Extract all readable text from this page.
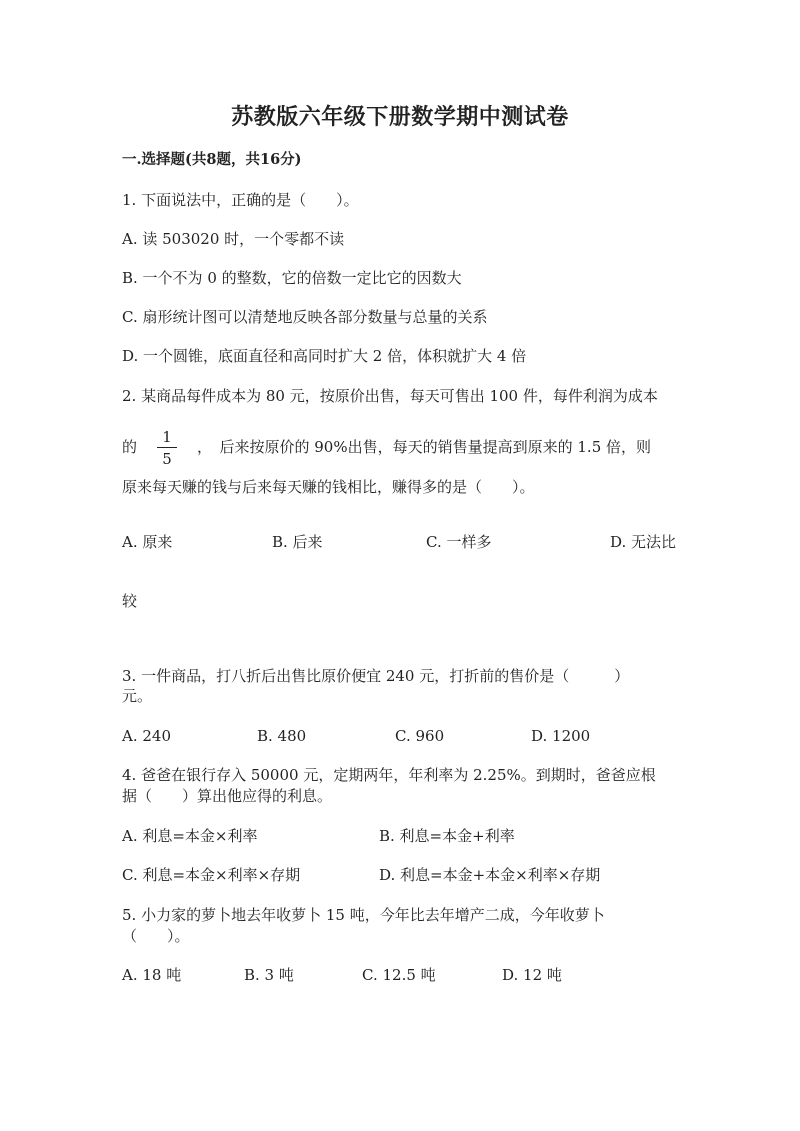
苏教版六年级下册数学期中测试卷
一.选择题(共8题，共16分)
1. 下面说法中，正确的是（　　）。
A. 读 503020 时，一个零都不读
B. 一个不为 0 的整数，它的倍数一定比它的因数大
C. 扇形统计图可以清楚地反映各部分数量与总量的关系
D. 一个圆锥，底面直径和高同时扩大 2 倍，体积就扩大 4 倍
2. 某商品每件成本为 80 元，按原价出售，每天可售出 100 件，每件利润为成本
的
1
5
，　后来按原价的 90%出售，每天的销售量提高到原来的 1.5 倍，则
原来每天赚的钱与后来每天赚的钱相比，赚得多的是（　　）。
A. 原来	B. 后来	C. 一样多	D. 无法比
较
3. 一件商品，打八折后出售比原价便宜 240 元，打折前的售价是（　　　）
元。
A. 240	B. 480	C. 960	D. 1200
4. 爸爸在银行存入 50000 元，定期两年，年利率为 2.25%。到期时，爸爸应根
据（　　）算出他应得的利息。
A. 利息=本金×利率	B. 利息=本金+利率
C. 利息=本金×利率×存期	D. 利息=本金+本金×利率×存期
5. 小力家的萝卜地去年收萝卜 15 吨，今年比去年增产二成，今年收萝卜
（　　）。
A. 18 吨	B. 3 吨	C. 12.5 吨	D. 12 吨
